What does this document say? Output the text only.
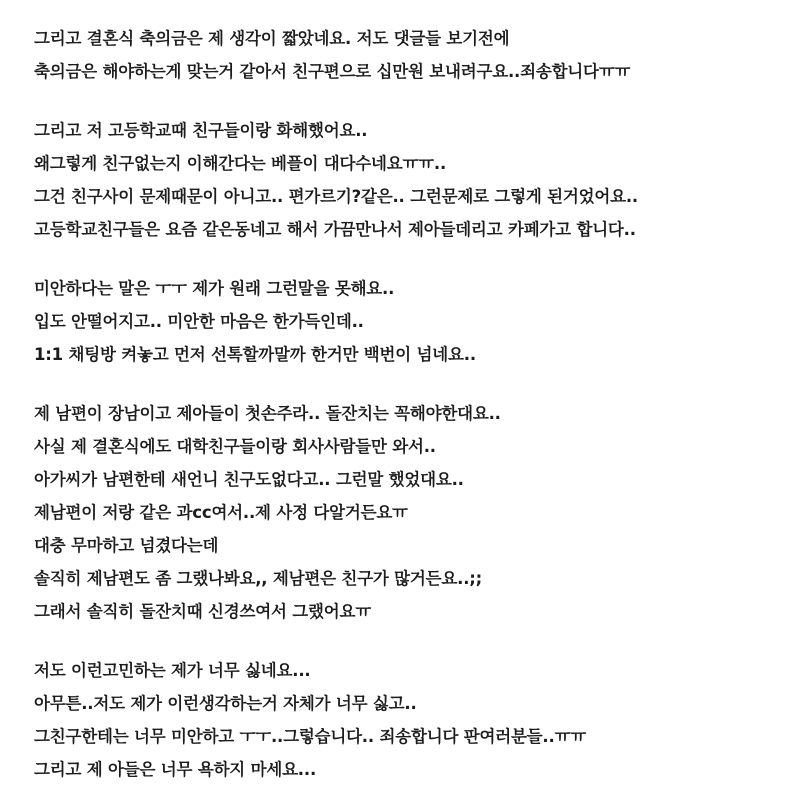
그리고 결혼식 축의금은 제 생각이 짧았네요. 저도 댓글들 보기전에
축의금은 해야하는게 맞는거 같아서 친구편으로 십만원 보내려구요..죄송합니다ㅠㅠ
그리고 저 고등학교때 친구들이랑 화해했어요..
왜그렇게 친구없는지 이해간다는 베플이 대다수네요ㅠㅠ..
그건 친구사이 문제때문이 아니고.. 편가르기?같은.. 그런문제로 그렇게 된거었어요..
고등학교친구들은 요즘 같은동네고 해서 가끔만나서 제아들데리고 카페가고 합니다..
미안하다는 말은 ㅜㅜ 제가 원래 그런말을 못해요..
입도 안떨어지고.. 미안한 마음은 한가득인데..
1:1 채팅방 켜놓고 먼저 선톡할까말까 한거만 백번이 넘네요..
제 남편이 장남이고 제아들이 첫손주라.. 돌잔치는 꼭해야한대요..
사실 제 결혼식에도 대학친구들이랑 회사사람들만 와서..
아가씨가 남편한테 새언니 친구도없다고.. 그런말 했었대요..
제남편이 저랑 같은 과cc여서..제 사정 다알거든요ㅠ
대충 무마하고 넘겼다는데
솔직히 제남편도 좀 그랬나봐요,, 제남편은 친구가 많거든요..;;
그래서 솔직히 돌잔치때 신경쓰여서 그랬어요ㅠ
저도 이런고민하는 제가 너무 싫네요...
아무튼..저도 제가 이런생각하는거 자체가 너무 싫고..
그친구한테는 너무 미안하고 ㅜㅜ..그렇습니다.. 죄송합니다 판여러분들..ㅠㅠ
그리고 제 아들은 너무 욕하지 마세요...
